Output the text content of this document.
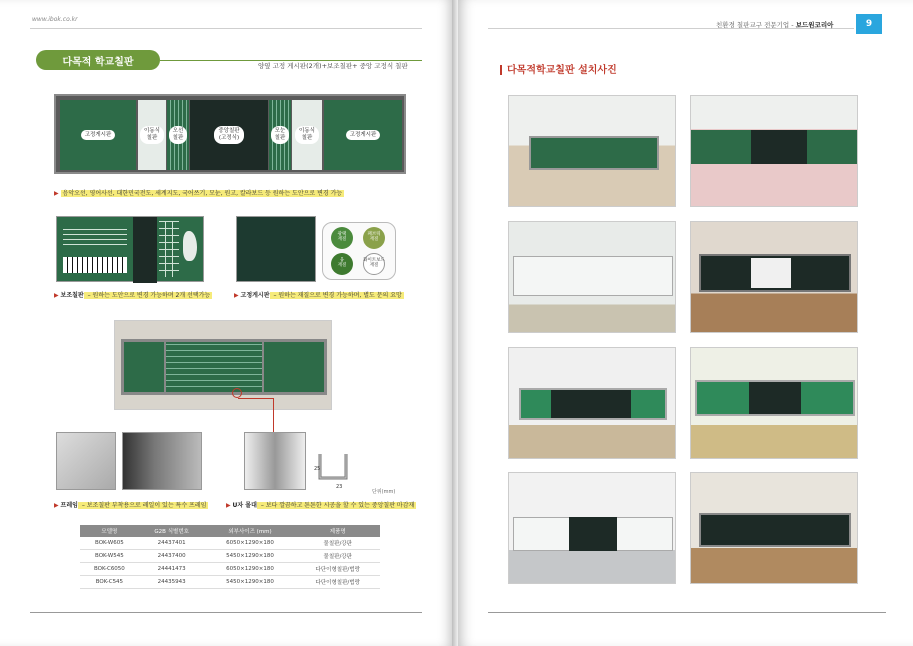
www.ibok.co.kr
다목적 학교칠판	양옆 고정 게시판(2개)+보조칠판+ 중앙 고정식 칠판
고정게시판
이동식
칠판
오선
칠판
중앙칠판
(고정식)
모눈
칠판
이동식
칠판
고정게시판
▶ 음악오선, 영어사선, 대한민국전도, 세계지도, 국어쓰기, 모눈, 원고, 칼라보드 등 원하는 도안으로 변경 가능
광택
재질
패브릭
재질
융
재질
화이트보드
재질
▶ 보조칠판 – 원하는 도안으로 변경 가능하며 2개 선택가능	▶ 고정게시판 – 원하는 재질으로 변경 가능하며, 별도 문의 요망
25
23
단위(mm)
▶ 프레임 – 보조칠판 부착용으로 레일이 있는 특수 프레임	▶ U자 몰대 – 보다 깔끔하고 튼튼한 시공을 할 수 있는 중앙칠판 마감재
모델명	G2B 식별번호	외부사이즈 (mm)	제품명
BOK-W605	24437401	6050×1290×180	물칠판/강판
BOK-W545	24437400	5450×1290×180	물칠판/강판
BOK-C6050	24441473	6050×1290×180	다단이형칠판/법랑
BOK-C545	24435943	5450×1290×180	다단이형칠판/법랑
친환경 칠판교구 전문기업 - 보드원코리아	9
다목적학교칠판 설치사진
